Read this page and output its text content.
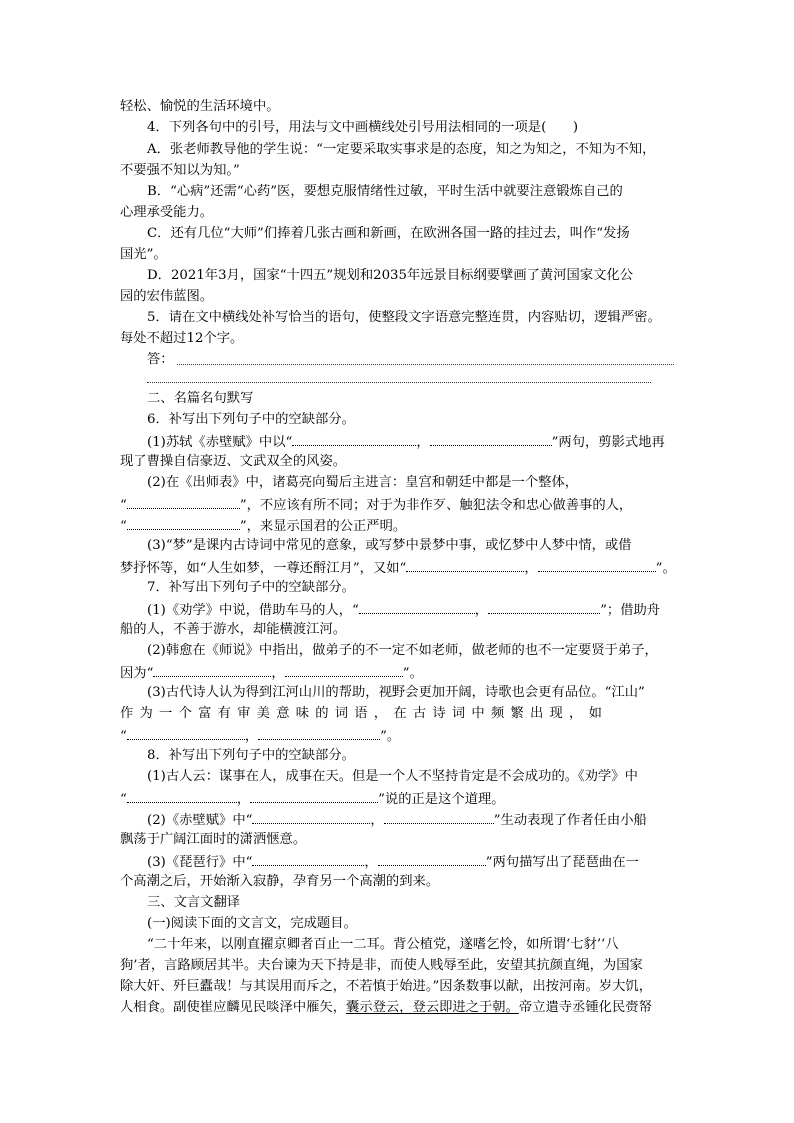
轻松、愉悦的生活环境中。
4．下列各句中的引号，用法与文中画横线处引号用法相同的一项是(　　)
A．张老师教导他的学生说：“一定要采取实事求是的态度，知之为知之，不知为不知，
不要强不知以为知。”
B．“心病”还需“心药”医，要想克服情绪性过敏，平时生活中就要注意锻炼自己的
心理承受能力。
C．还有几位“大师”们捧着几张古画和新画，在欧洲各国一路的挂过去，叫作“发扬
国光”。
D．2021年3月，国家“十四五”规划和2035年远景目标纲要擘画了黄河国家文化公
园的宏伟蓝图。
5．请在文中横线处补写恰当的语句，使整段文字语意完整连贯，内容贴切，逻辑严密。
每处不超过12个字。
答：
二、名篇名句默写
6．补写出下列句子中的空缺部分。
(1)苏轼《赤壁赋》中以“	，	”两句，剪影式地再
现了曹操自信豪迈、文武双全的风姿。
(2)在《出师表》中，诸葛亮向蜀后主进言：皇宫和朝廷中都是一个整体，
“	”，不应该有所不同；对于为非作歹、触犯法令和忠心做善事的人，
“	”，来显示国君的公正严明。
(3)“梦”是课内古诗词中常见的意象，或写梦中景梦中事，或忆梦中人梦中情，或借
梦抒怀等，如“人生如梦，一尊还酹江月”，又如“	，	”。
7．补写出下列句子中的空缺部分。
(1)《劝学》中说，借助车马的人，“	，	”；借助舟
船的人，不善于游水，却能横渡江河。
(2)韩愈在《师说》中指出，做弟子的不一定不如老师，做老师的也不一定要贤于弟子，
因为“	，	”。
(3)古代诗人认为得到江河山川的帮助，视野会更加开阔，诗歌也会更有品位。“江山”
作 为 一 个 富 有 审 美 意 味 的 词 语 ， 在 古 诗 词 中 频 繁 出 现 ， 如
“	，	”。
8．补写出下列句子中的空缺部分。
(1)古人云：谋事在人，成事在天。但是一个人不坚持肯定是不会成功的。《劝学》中
“	，	”说的正是这个道理。
(2)《赤壁赋》中“	，	”生动表现了作者任由小船
飘荡于广阔江面时的潇洒惬意。
(3)《琵琶行》中“	，	”两句描写出了琵琶曲在一
个高潮之后，开始渐入寂静，孕育另一个高潮的到来。
三、文言文翻译
(一)阅读下面的文言文，完成题目。
“二十年来，以刚直擢京卿者百止一二耳。背公植党，遂嗜乞怜，如所谓‘七豺’‘八
狗’者，言路顾居其半。夫台谏为天下持是非，而使人贱辱至此，安望其抗颜直绳，为国家
除大奸、歼巨蠹哉！与其误用而斥之，不若慎于始进。”因条数事以献，出按河南。岁大饥，
人相食。副使崔应麟见民啖泽中雁矢，囊示登云，登云即进之于朝。帝立遣寺丞锺化民赍帑
